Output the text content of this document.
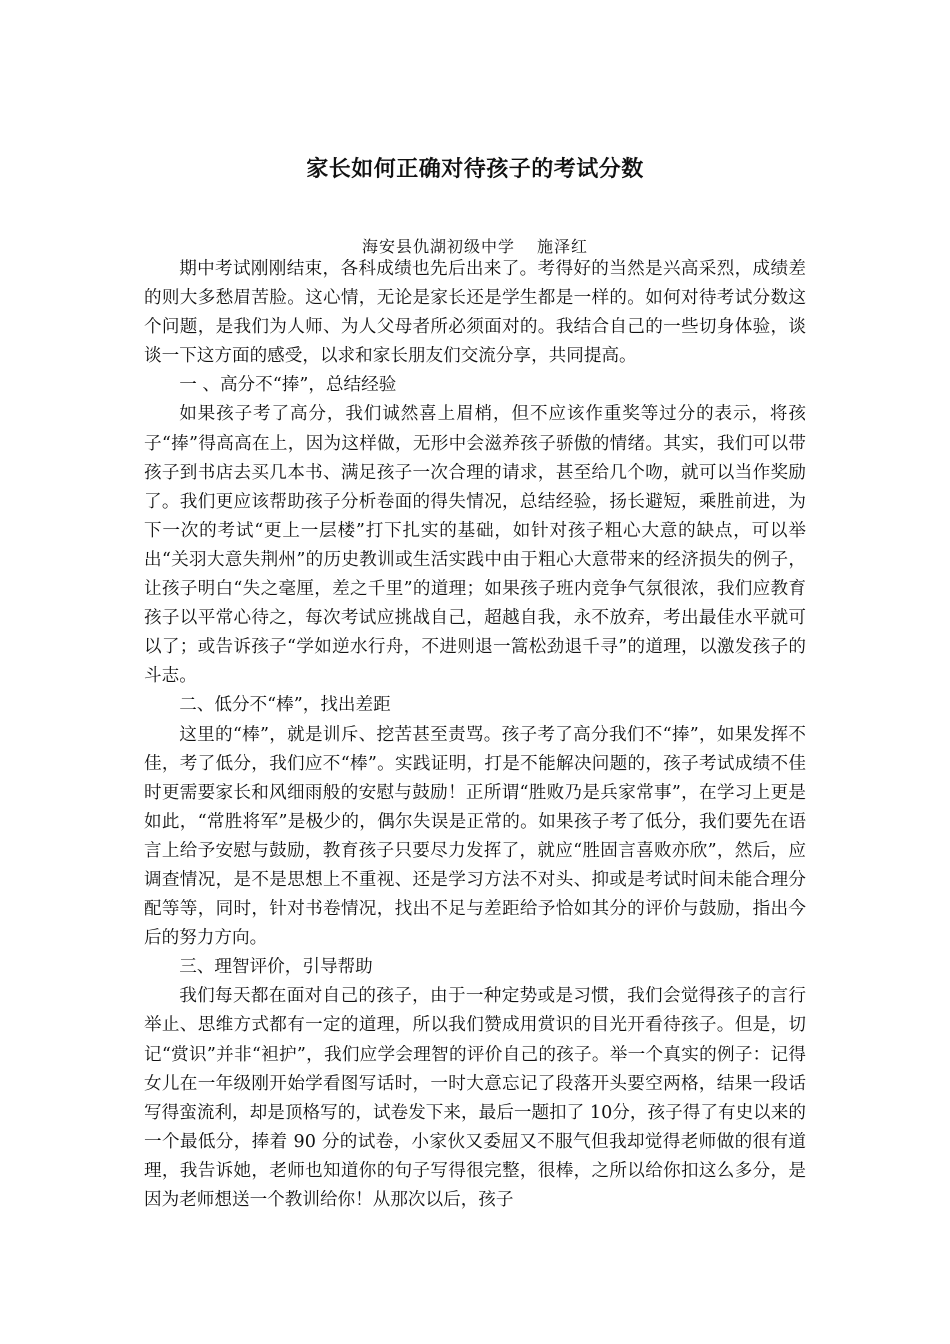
家长如何正确对待孩子的考试分数
海安县仇湖初级中学 施泽红

期中考试刚刚结束，各科成绩也先后出来了。考得好的当然是兴高采烈，成绩差的则大多愁眉苦脸。这心情，无论是家长还是学生都是一样的。如何对待考试分数这个问题，是我们为人师、为人父母者所必须面对的。我结合自己的一些切身体验，谈谈一下这方面的感受，以求和家长朋友们交流分享，共同提高。

一 、高分不“捧”，总结经验

如果孩子考了高分，我们诚然喜上眉梢，但不应该作重奖等过分的表示，将孩子“捧”得高高在上，因为这样做，无形中会滋养孩子骄傲的情绪。其实，我们可以带孩子到书店去买几本书、满足孩子一次合理的请求，甚至给几个吻，就可以当作奖励了。我们更应该帮助孩子分析卷面的得失情况，总结经验，扬长避短，乘胜前进，为下一次的考试“更上一层楼”打下扎实的基础，如针对孩子粗心大意的缺点，可以举出“关羽大意失荆州”的历史教训或生活实践中由于粗心大意带来的经济损失的例子，让孩子明白“失之毫厘，差之千里”的道理；如果孩子班内竞争气氛很浓，我们应教育孩子以平常心待之，每次考试应挑战自己，超越自我，永不放弃，考出最佳水平就可以了；或告诉孩子“学如逆水行舟，不进则退一篙松劲退千寻”的道理，以激发孩子的斗志。

二、低分不“棒”，找出差距

这里的“棒”，就是训斥、挖苦甚至责骂。孩子考了高分我们不“捧”，如果发挥不佳，考了低分，我们应不“棒”。实践证明，打是不能解决问题的，孩子考试成绩不佳时更需要家长和风细雨般的安慰与鼓励！正所谓“胜败乃是兵家常事”，在学习上更是如此，“常胜将军”是极少的，偶尔失误是正常的。如果孩子考了低分，我们要先在语言上给予安慰与鼓励，教育孩子只要尽力发挥了，就应“胜固言喜败亦欣”，然后，应调查情况，是不是思想上不重视、还是学习方法不对头、抑或是考试时间未能合理分配等等，同时，针对书卷情况，找出不足与差距给予恰如其分的评价与鼓励，指出今后的努力方向。

三、理智评价，引导帮助

我们每天都在面对自己的孩子，由于一种定势或是习惯，我们会觉得孩子的言行举止、思维方式都有一定的道理，所以我们赞成用赏识的目光开看待孩子。但是，切记“赏识”并非“袒护”，我们应学会理智的评价自己的孩子。举一个真实的例子：记得女儿在一年级刚开始学看图写话时，一时大意忘记了段落开头要空两格，结果一段话写得蛮流利，却是顶格写的，试卷发下来，最后一题扣了 10分，孩子得了有史以来的一个最低分，捧着 90 分的试卷，小家伙又委屈又不服气但我却觉得老师做的很有道理，我告诉她，老师也知道你的句子写得很完整，很棒，之所以给你扣这么多分，是因为老师想送一个教训给你！从那次以后，孩子
